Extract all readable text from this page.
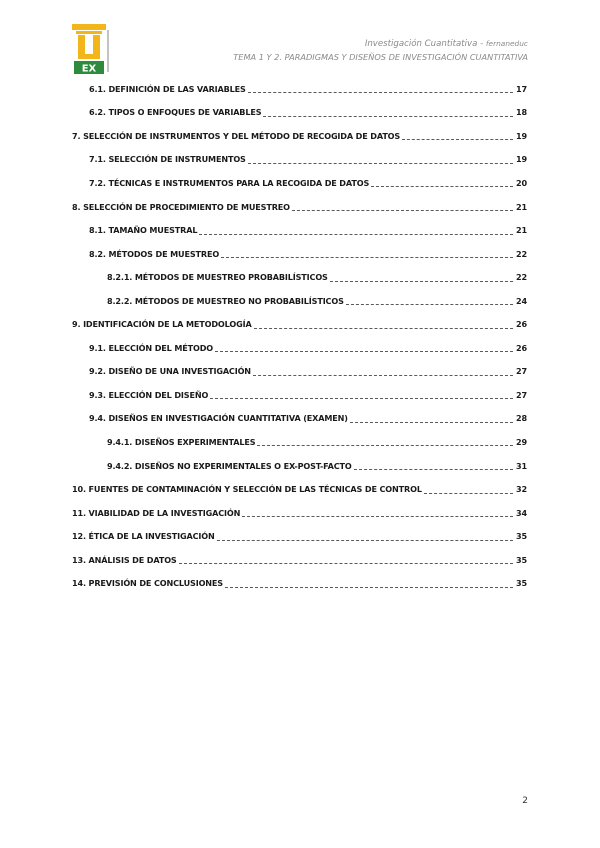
EX
Investigación Cuantitativa - fernaneduc
TEMA 1 Y 2. PARADIGMAS Y DISEÑOS DE INVESTIGACIÓN CUANTITATIVA
6.1. DEFINICIÓN DE LAS VARIABLES	17
6.2. TIPOS O ENFOQUES DE VARIABLES	18
7. SELECCIÓN DE INSTRUMENTOS Y DEL MÉTODO DE RECOGIDA DE DATOS	19
7.1. SELECCIÓN DE INSTRUMENTOS	19
7.2. TÉCNICAS E INSTRUMENTOS PARA LA RECOGIDA DE DATOS	20
8. SELECCIÓN DE PROCEDIMIENTO DE MUESTREO	21
8.1. TAMAÑO MUESTRAL	21
8.2. MÉTODOS DE MUESTREO	22
8.2.1. MÉTODOS DE MUESTREO PROBABILÍSTICOS	22
8.2.2. MÉTODOS DE MUESTREO NO PROBABILÍSTICOS	24
9. IDENTIFICACIÓN DE LA METODOLOGÍA	26
9.1. ELECCIÓN DEL MÉTODO	26
9.2. DISEÑO DE UNA INVESTIGACIÓN	27
9.3. ELECCIÓN DEL DISEÑO	27
9.4. DISEÑOS EN INVESTIGACIÓN CUANTITATIVA (EXAMEN)	28
9.4.1. DISEÑOS EXPERIMENTALES	29
9.4.2. DISEÑOS NO EXPERIMENTALES O EX-POST-FACTO	31
10. FUENTES DE CONTAMINACIÓN Y SELECCIÓN DE LAS TÉCNICAS DE CONTROL	32
11. VIABILIDAD DE LA INVESTIGACIÓN	34
12. ÉTICA DE LA INVESTIGACIÓN	35
13. ANÁLISIS DE DATOS	35
14. PREVISIÓN DE CONCLUSIONES	35
2
